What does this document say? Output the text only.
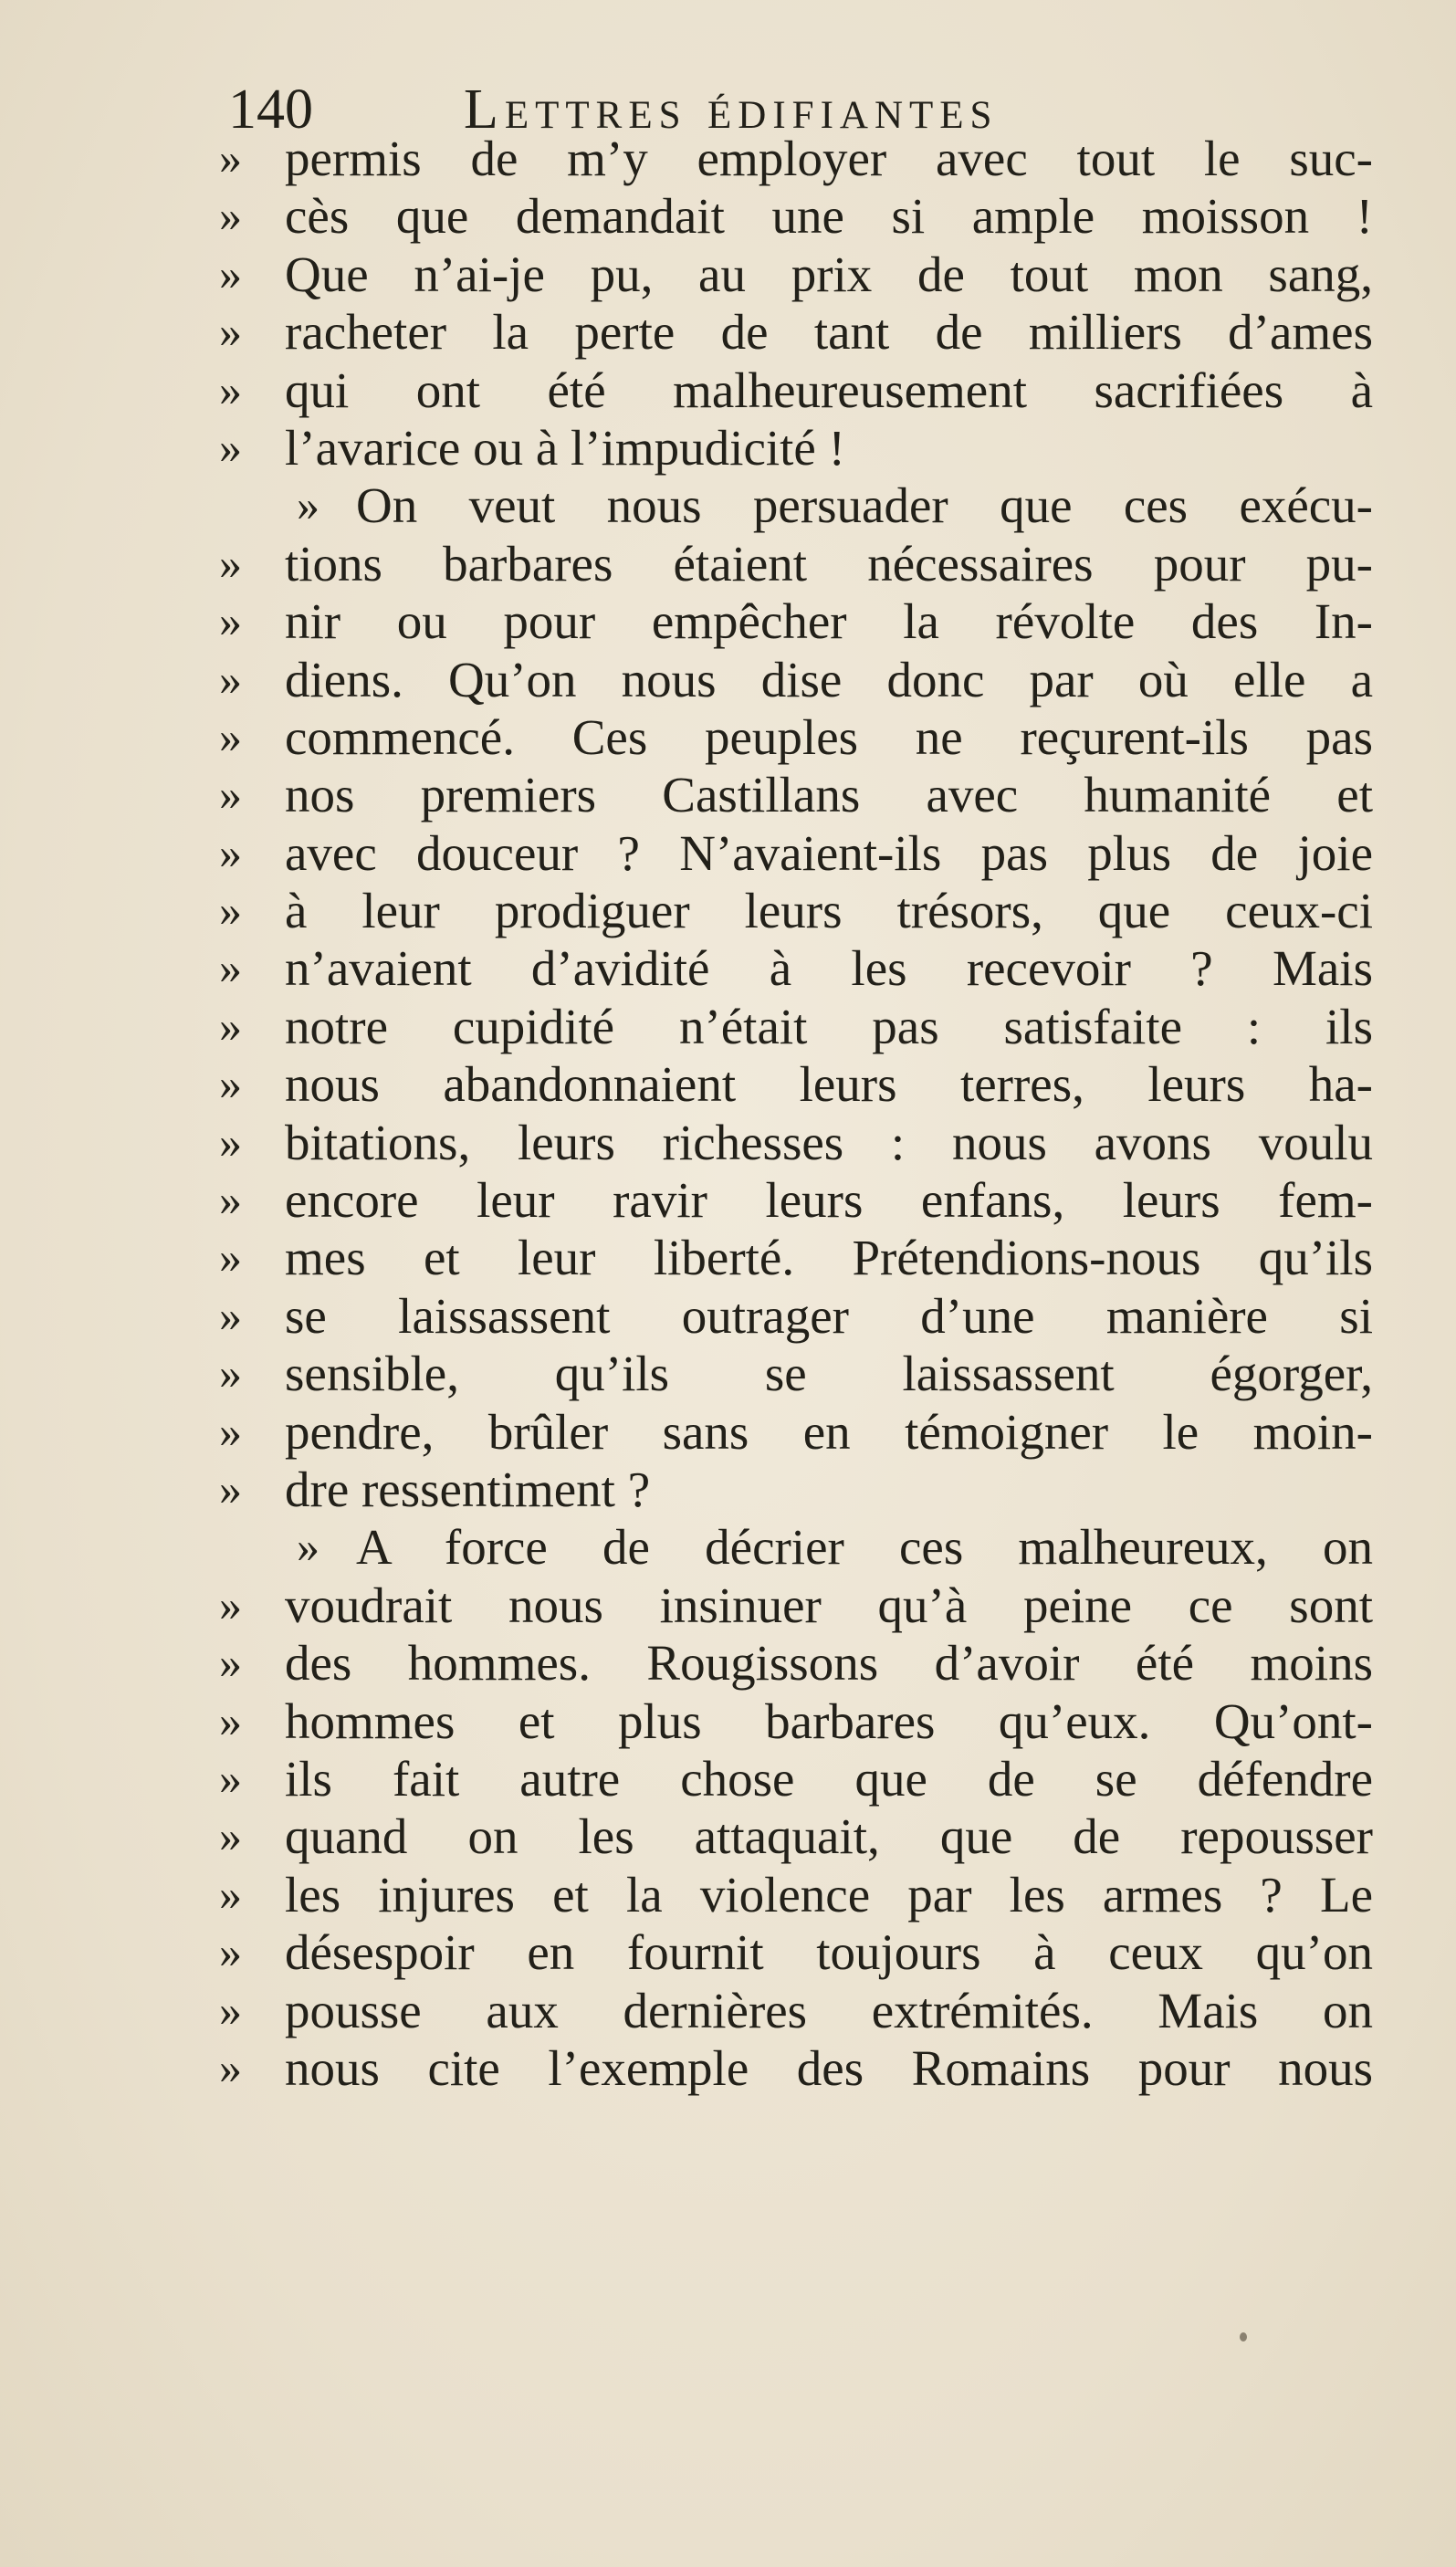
140	Lettres édifiantes
» permis de m’y employer avec tout le suc-
» cès que demandait une si ample moisson !
» Que n’ai-je pu, au prix de tout mon sang,
» racheter la perte de tant de milliers d’ames
» qui ont été malheureusement sacrifiées à
» l’avarice ou à l’impudicité !
» On veut nous persuader que ces exécu-
» tions barbares étaient nécessaires pour pu-
» nir ou pour empêcher la révolte des In-
» diens. Qu’on nous dise donc par où elle a
» commencé. Ces peuples ne reçurent-ils pas
» nos premiers Castillans avec humanité et
» avec douceur ? N’avaient-ils pas plus de joie
» à leur prodiguer leurs trésors, que ceux-ci
» n’avaient d’avidité à les recevoir ? Mais
» notre cupidité n’était pas satisfaite : ils
» nous abandonnaient leurs terres, leurs ha-
» bitations, leurs richesses : nous avons voulu
» encore leur ravir leurs enfans, leurs fem-
» mes et leur liberté. Prétendions-nous qu’ils
» se laissassent outrager d’une manière si
» sensible, qu’ils se laissassent égorger,
» pendre, brûler sans en témoigner le moin-
» dre ressentiment ?
» A force de décrier ces malheureux, on
» voudrait nous insinuer qu’à peine ce sont
» des hommes. Rougissons d’avoir été moins
» hommes et plus barbares qu’eux. Qu’ont-
» ils fait autre chose que de se défendre
» quand on les attaquait, que de repousser
» les injures et la violence par les armes ? Le
» désespoir en fournit toujours à ceux qu’on
» pousse aux dernières extrémités. Mais on
» nous cite l’exemple des Romains pour nous
